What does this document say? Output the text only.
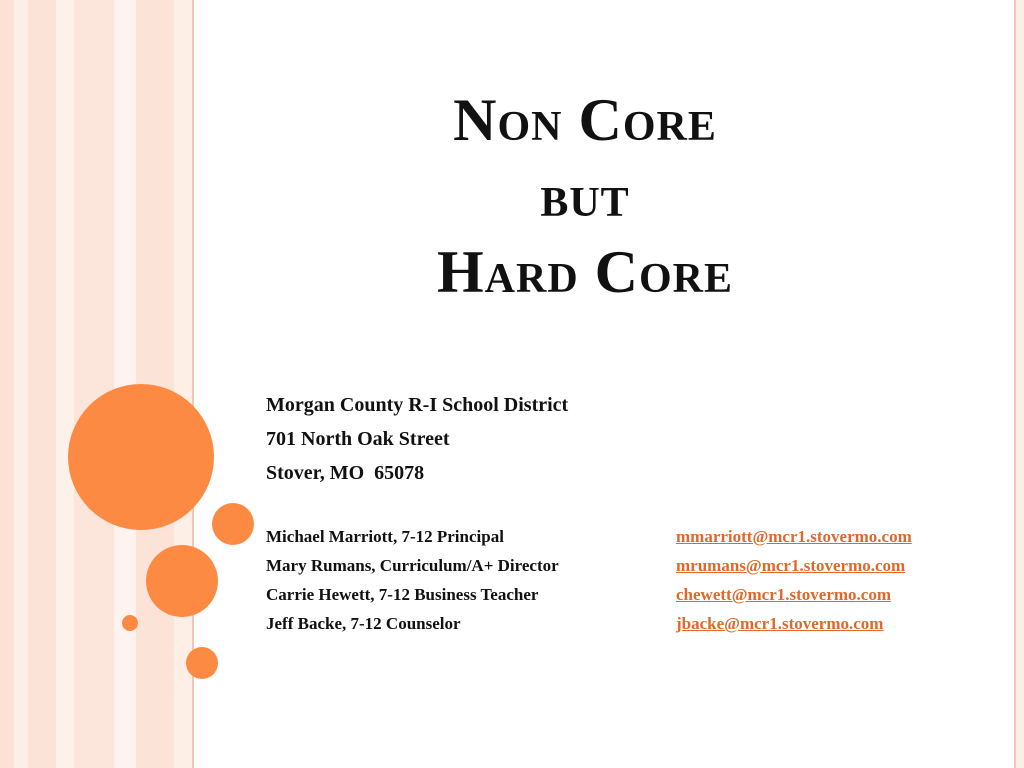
Non Core
but
Hard Core
Morgan County R-I School District
701 North Oak Street
Stover, MO  65078
Michael Marriott, 7-12 Principal	mmarriott@mcr1.stovermo.com
Mary Rumans, Curriculum/A+ Director	mrumans@mcr1.stovermo.com
Carrie Hewett, 7-12 Business Teacher	chewett@mcr1.stovermo.com
Jeff Backe, 7-12 Counselor	jbacke@mcr1.stovermo.com
